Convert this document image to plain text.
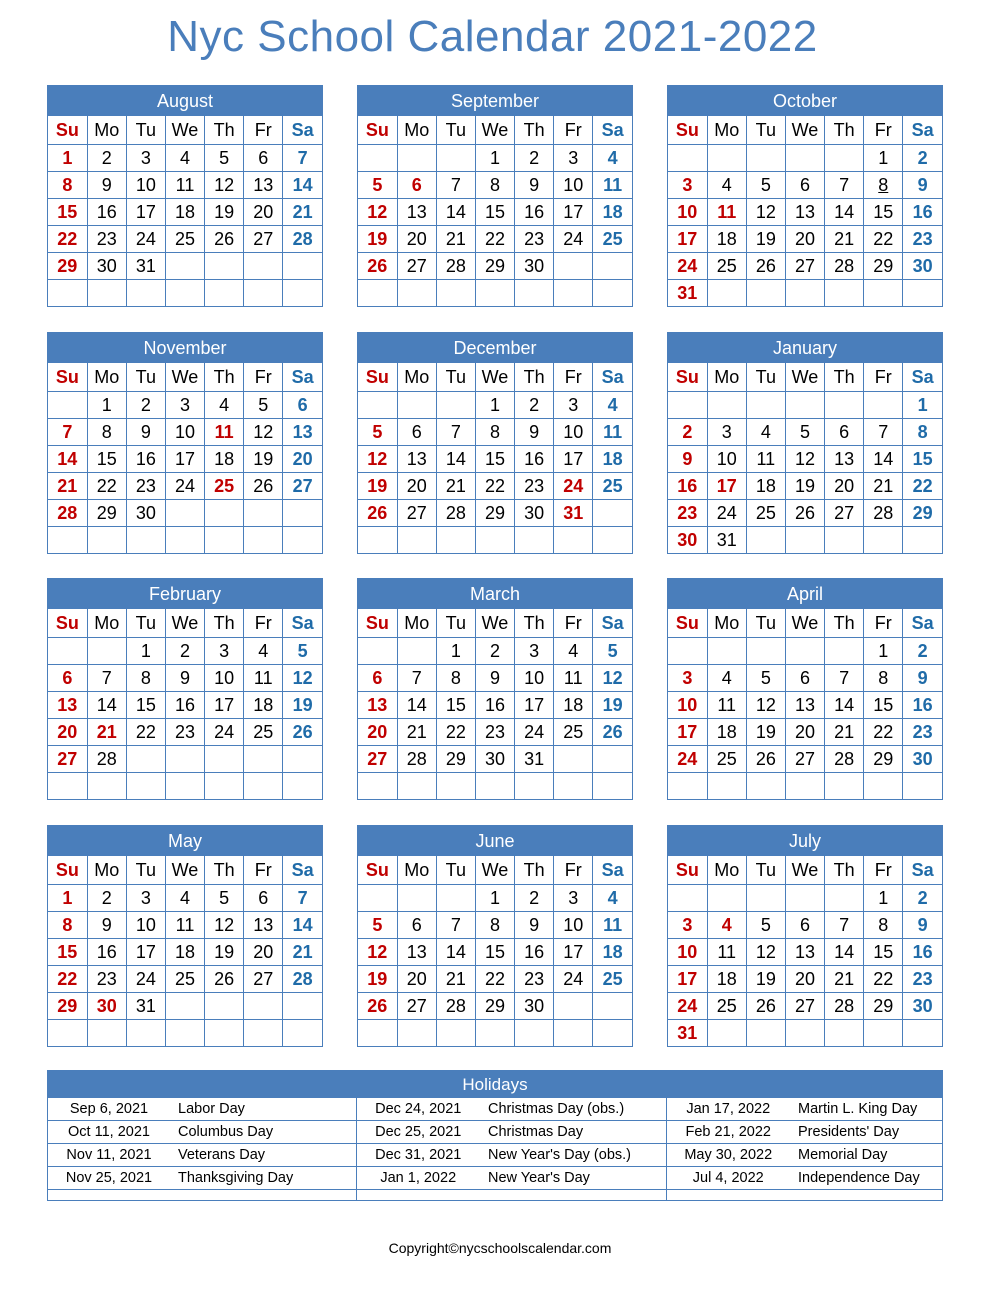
Nyc School Calendar 2021-2022
August
Su	Mo	Tu	We	Th	Fr	Sa
1	2	3	4	5	6	7
8	9	10	11	12	13	14
15	16	17	18	19	20	21
22	23	24	25	26	27	28
29	30	31				

September
Su	Mo	Tu	We	Th	Fr	Sa
			1	2	3	4
5	6	7	8	9	10	11
12	13	14	15	16	17	18
19	20	21	22	23	24	25
26	27	28	29	30		

October
Su	Mo	Tu	We	Th	Fr	Sa
					1	2
3	4	5	6	7	8	9
10	11	12	13	14	15	16
17	18	19	20	21	22	23
24	25	26	27	28	29	30
31						
November
Su	Mo	Tu	We	Th	Fr	Sa
	1	2	3	4	5	6
7	8	9	10	11	12	13
14	15	16	17	18	19	20
21	22	23	24	25	26	27
28	29	30				

December
Su	Mo	Tu	We	Th	Fr	Sa
			1	2	3	4
5	6	7	8	9	10	11
12	13	14	15	16	17	18
19	20	21	22	23	24	25
26	27	28	29	30	31	

January
Su	Mo	Tu	We	Th	Fr	Sa
						1
2	3	4	5	6	7	8
9	10	11	12	13	14	15
16	17	18	19	20	21	22
23	24	25	26	27	28	29
30	31					
February
Su	Mo	Tu	We	Th	Fr	Sa
		1	2	3	4	5
6	7	8	9	10	11	12
13	14	15	16	17	18	19
20	21	22	23	24	25	26
27	28					

March
Su	Mo	Tu	We	Th	Fr	Sa
		1	2	3	4	5
6	7	8	9	10	11	12
13	14	15	16	17	18	19
20	21	22	23	24	25	26
27	28	29	30	31		

April
Su	Mo	Tu	We	Th	Fr	Sa
					1	2
3	4	5	6	7	8	9
10	11	12	13	14	15	16
17	18	19	20	21	22	23
24	25	26	27	28	29	30

May
Su	Mo	Tu	We	Th	Fr	Sa
1	2	3	4	5	6	7
8	9	10	11	12	13	14
15	16	17	18	19	20	21
22	23	24	25	26	27	28
29	30	31				

June
Su	Mo	Tu	We	Th	Fr	Sa
			1	2	3	4
5	6	7	8	9	10	11
12	13	14	15	16	17	18
19	20	21	22	23	24	25
26	27	28	29	30		

July
Su	Mo	Tu	We	Th	Fr	Sa
					1	2
3	4	5	6	7	8	9
10	11	12	13	14	15	16
17	18	19	20	21	22	23
24	25	26	27	28	29	30
31						
Holidays
Sep 6, 2021	Labor Day	Dec 24, 2021	Christmas Day (obs.)	Jan 17, 2022	Martin L. King Day
Oct 11, 2021	Columbus Day	Dec 25, 2021	Christmas Day	Feb 21, 2022	Presidents' Day
Nov 11, 2021	Veterans Day	Dec 31, 2021	New Year's Day (obs.)	May 30, 2022	Memorial Day
Nov 25, 2021	Thanksgiving Day	Jan 1, 2022	New Year's Day	Jul 4, 2022	Independence Day

Copyright©nycschoolscalendar.com
